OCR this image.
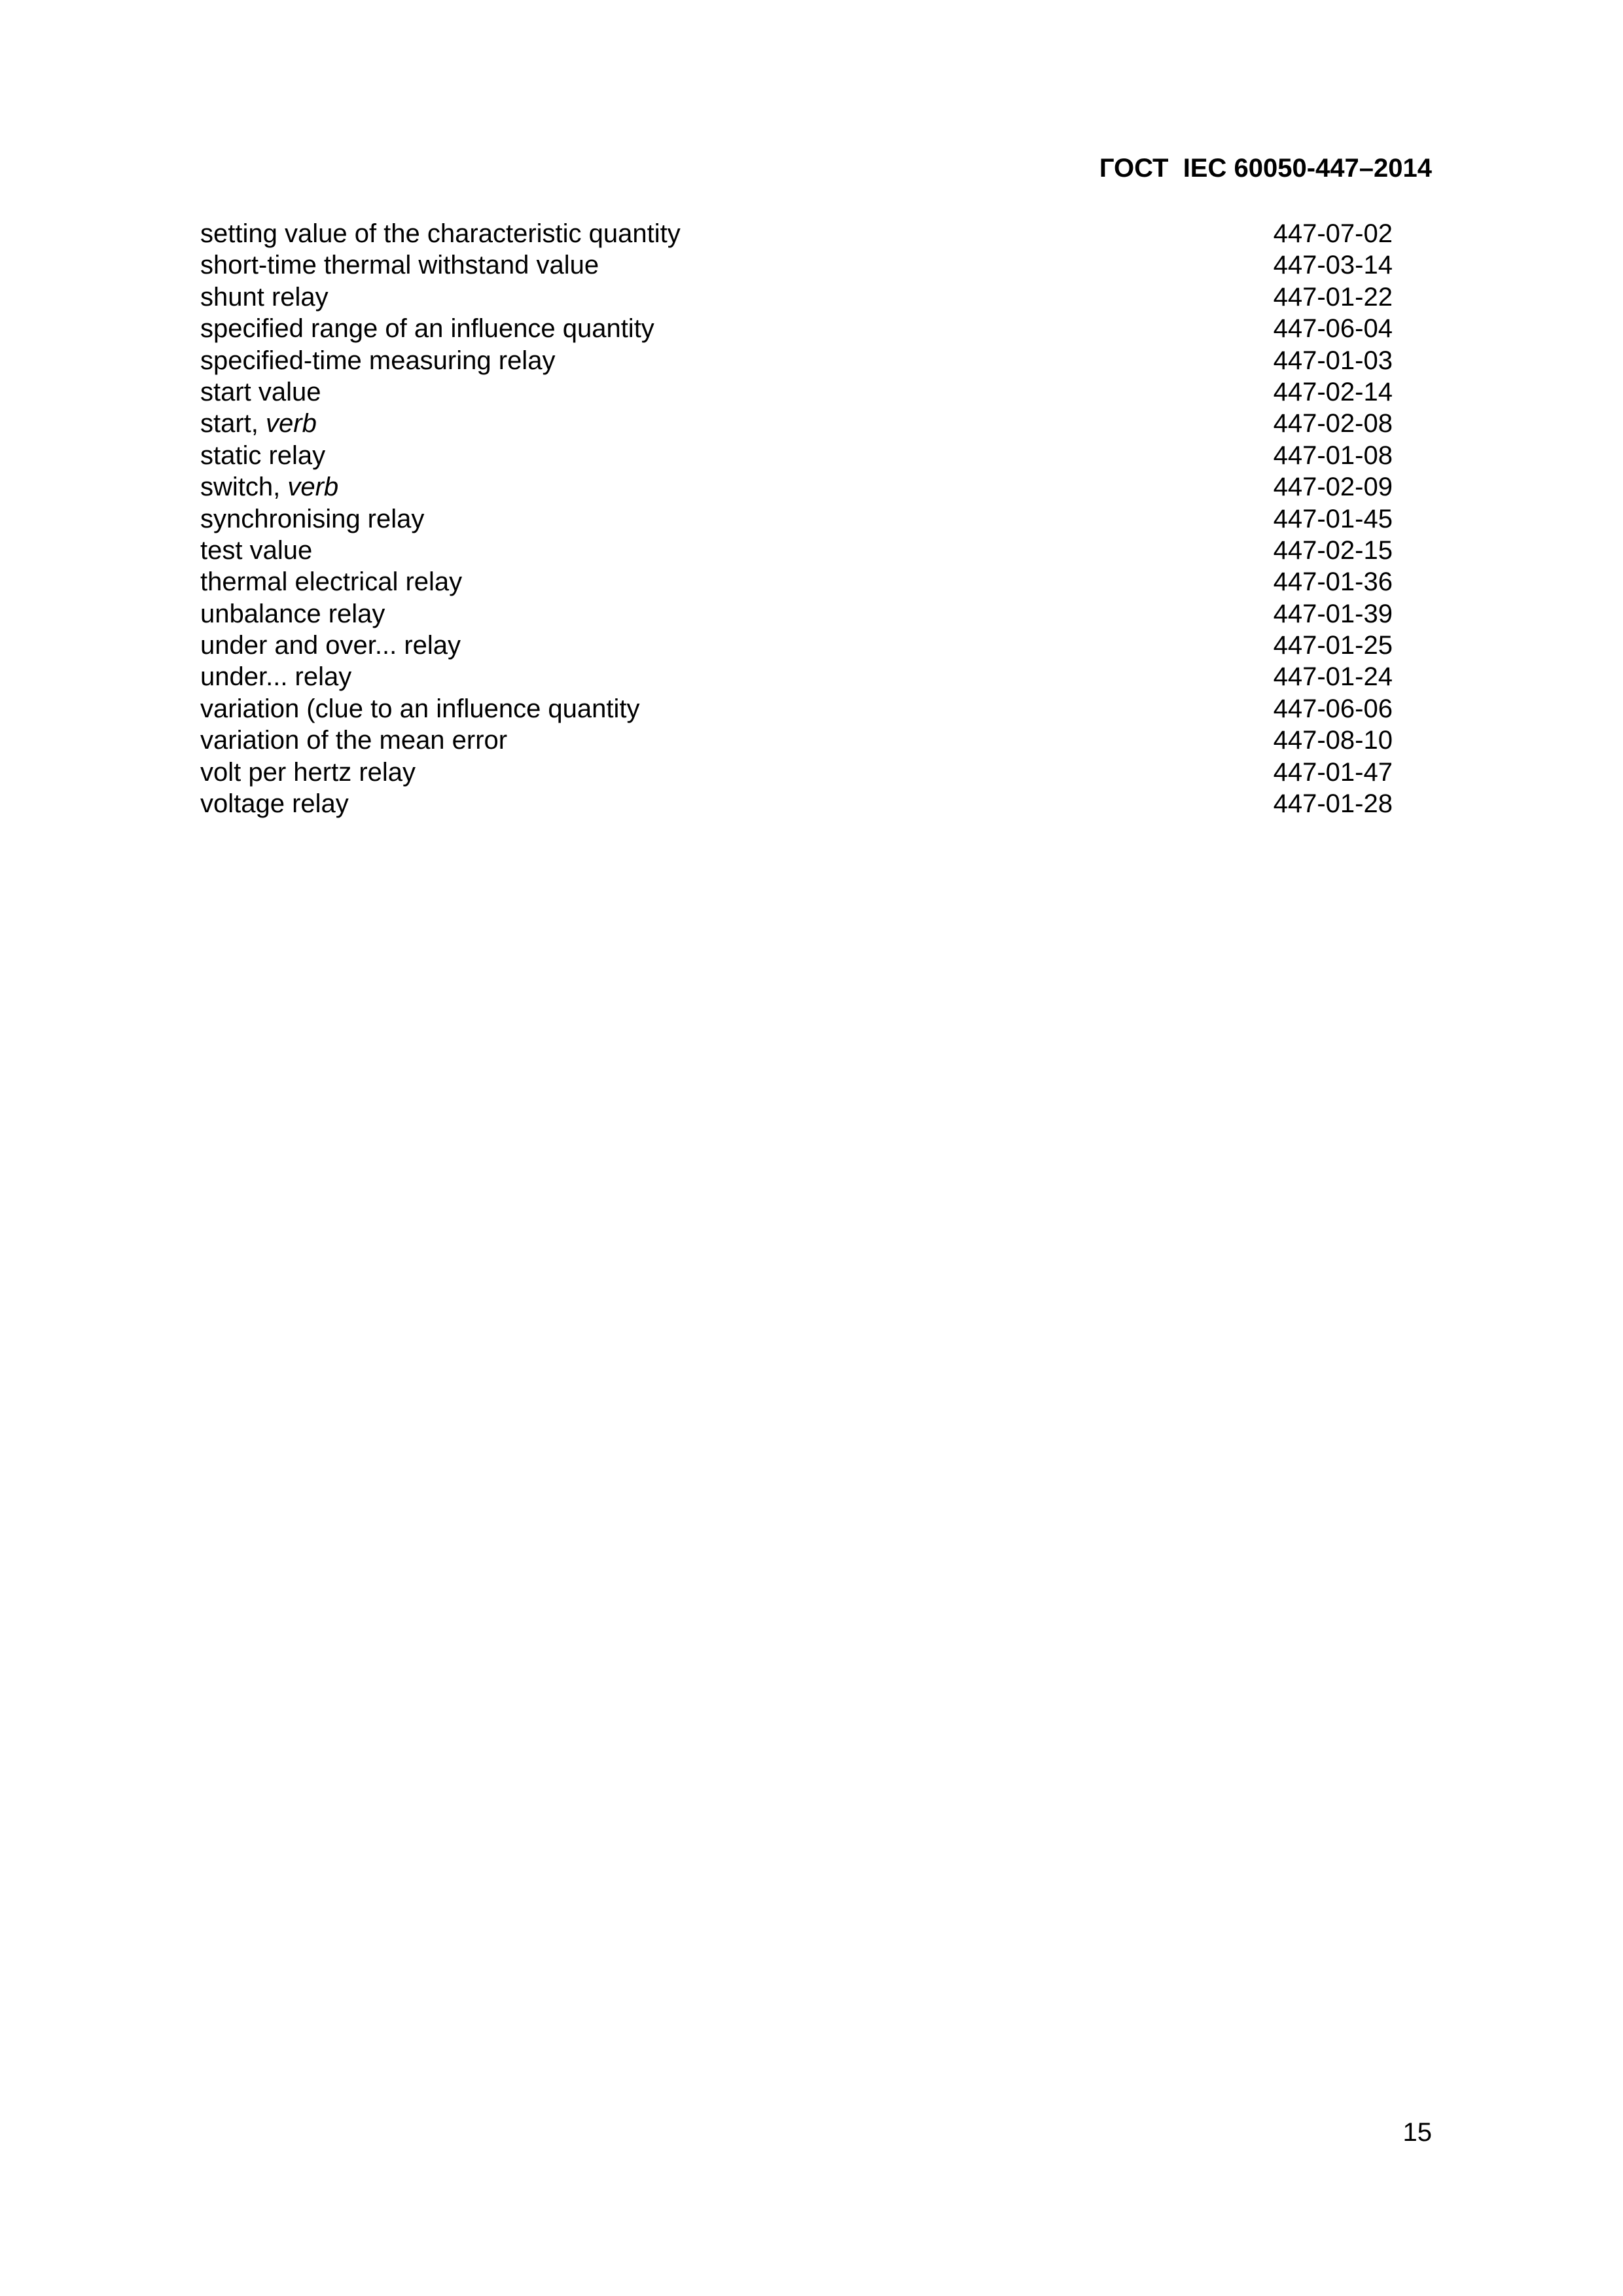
ГОСТ  IEC 60050-447–2014
setting value of the characteristic quantity	447-07-02
short-time thermal withstand value	447-03-14
shunt relay	447-01-22
specified range of an influence quantity	447-06-04
specified-time measuring relay	447-01-03
start value	447-02-14
start, verb	447-02-08
static relay	447-01-08
switch, verb	447-02-09
synchronising relay	447-01-45
test value	447-02-15
thermal electrical relay	447-01-36
unbalance relay	447-01-39
under and over... relay	447-01-25
under... relay	447-01-24
variation (clue to an influence quantity	447-06-06
variation of the mean error	447-08-10
volt per hertz relay	447-01-47
voltage relay	447-01-28
15
